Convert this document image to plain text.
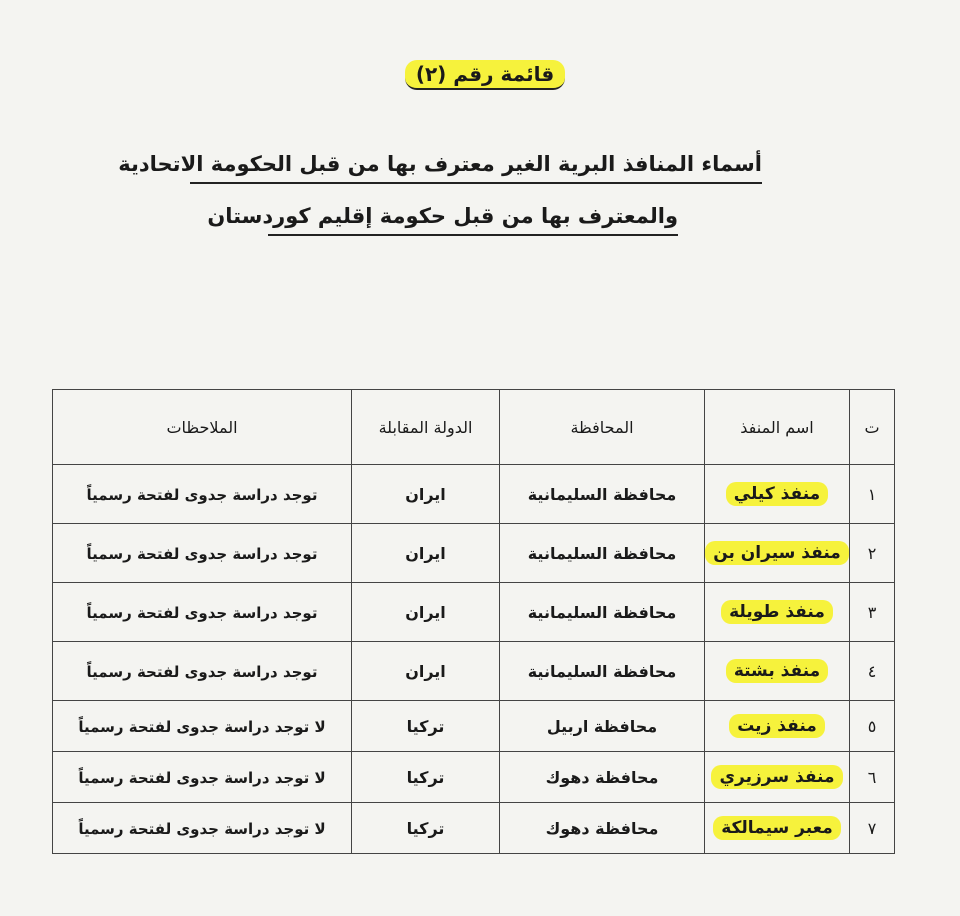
قائمة رقم (٢)
أسماء المنافذ البرية الغير معترف بها من قبل الحكومة الاتحادية
والمعترف بها من قبل حكومة إقليم كوردستان
ت	اسم المنفذ	المحافظة	الدولة المقابلة	الملاحظات
١	منفذ كيلي	محافظة السليمانية	ايران	توجد دراسة جدوى لفتحة رسمياً
٢	منفذ سيران بن	محافظة السليمانية	ايران	توجد دراسة جدوى لفتحة رسمياً
٣	منفذ طويلة	محافظة السليمانية	ايران	توجد دراسة جدوى لفتحة رسمياً
٤	منفذ بشتة	محافظة السليمانية	ايران	توجد دراسة جدوى لفتحة رسمياً
٥	منفذ زيت	محافظة اربيل	تركيا	لا توجد دراسة جدوى لفتحة رسمياً
٦	منفذ سرزيري	محافظة دهوك	تركيا	لا توجد دراسة جدوى لفتحة رسمياً
٧	معبر سيمالكة	محافظة دهوك	تركيا	لا توجد دراسة جدوى لفتحة رسمياً
